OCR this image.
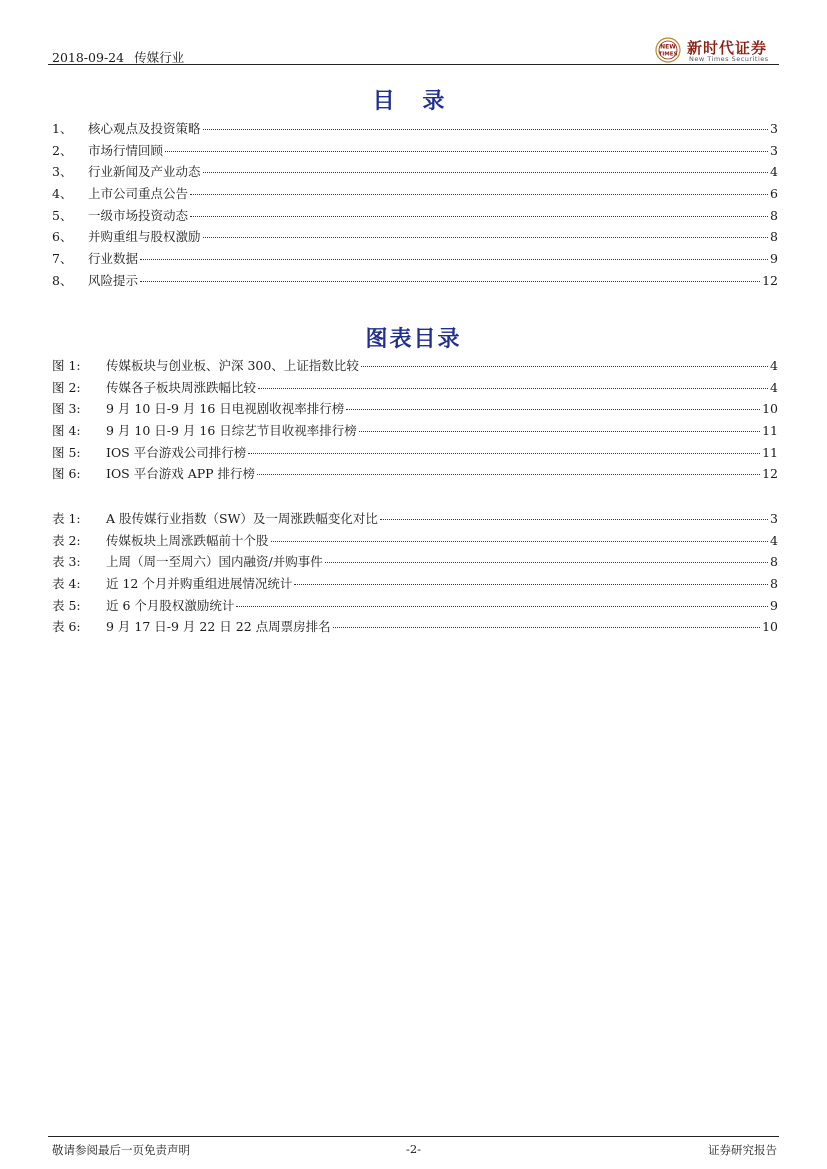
2018-09-24 传媒行业
NEW
TIMES 新时代证券
New Times Securities
目 录
1、	核心观点及投资策略	3
2、	市场行情回顾	3
3、	行业新闻及产业动态	4
4、	上市公司重点公告	6
5、	一级市场投资动态	8
6、	并购重组与股权激励	8
7、	行业数据	9
8、	风险提示	12
图表目录
图 1:	传媒板块与创业板、沪深 300、上证指数比较	4
图 2:	传媒各子板块周涨跌幅比较	4
图 3:	9 月 10 日-9 月 16 日电视剧收视率排行榜	10
图 4:	9 月 10 日-9 月 16 日综艺节目收视率排行榜	11
图 5:	IOS 平台游戏公司排行榜	11
图 6:	IOS 平台游戏 APP 排行榜	12
表 1:	A 股传媒行业指数（SW）及一周涨跌幅变化对比	3
表 2:	传媒板块上周涨跌幅前十个股	4
表 3:	上周（周一至周六）国内融资/并购事件	8
表 4:	近 12 个月并购重组进展情况统计	8
表 5:	近 6 个月股权激励统计	9
表 6:	9 月 17 日-9 月 22 日 22 点周票房排名	10
敬请参阅最后一页免责声明	-2-	证券研究报告
